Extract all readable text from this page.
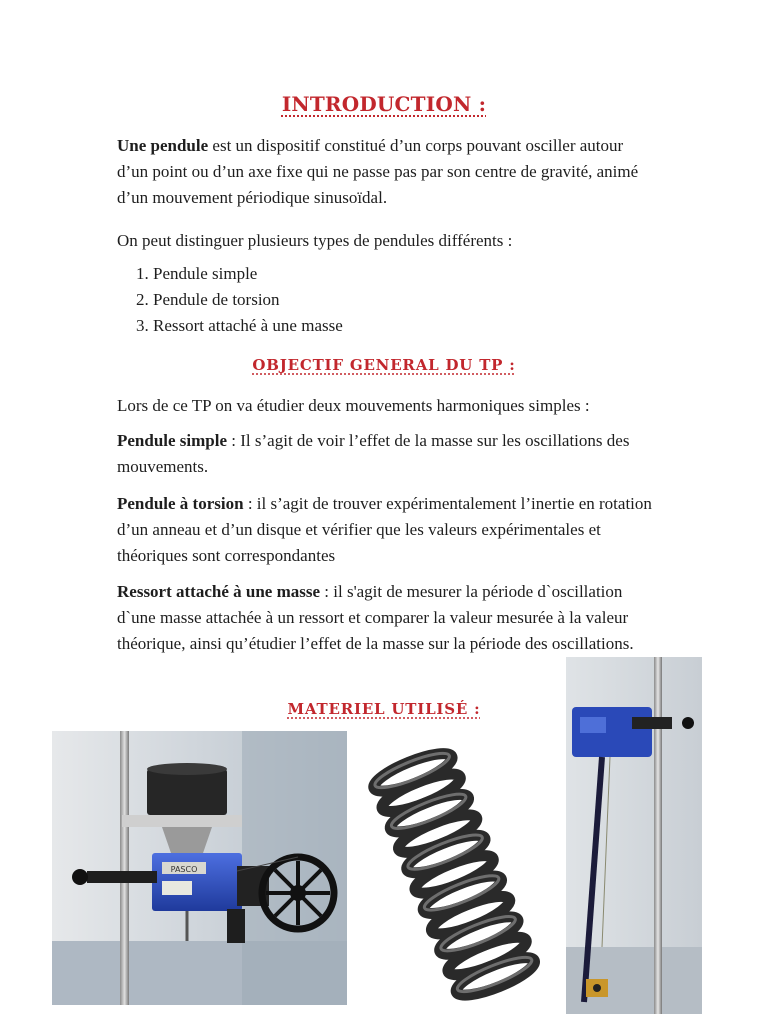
INTRODUCTION :
Une pendule est un dispositif constitué d’un corps pouvant osciller autour d’un point ou d’un axe fixe qui ne passe pas par son centre de gravité, animé d’un mouvement périodique sinusoïdal.
On peut distinguer plusieurs types de pendules différents :
1. Pendule simple
2. Pendule de torsion
3. Ressort attaché à une masse
OBJECTIF GENERAL DU TP :
Lors de ce TP on va étudier deux mouvements harmoniques simples :
Pendule simple : Il s’agit de voir l’effet de la masse sur les oscillations des mouvements.
Pendule à torsion : il s’agit de trouver expérimentalement l’inertie en rotation d’un anneau et d’un disque et vérifier que les valeurs expérimentales et théoriques sont correspondantes
Ressort attaché à une masse : il s'agit de mesurer la période d`oscillation d`une masse attachée à un ressort et comparer la valeur mesurée à la valeur théorique, ainsi qu’étudier l’effet de la masse sur la période des oscillations.
MATERIEL UTILISÉ :
PASCO
